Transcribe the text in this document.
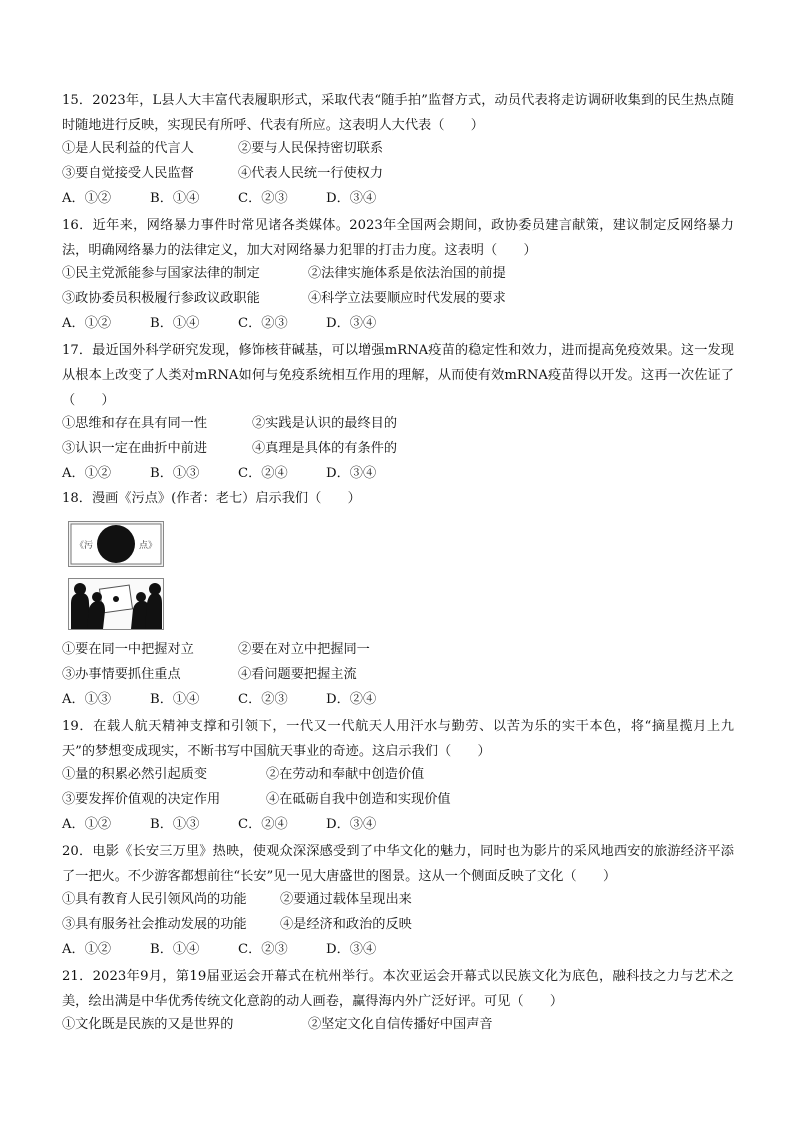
15．2023年，L县人大丰富代表履职形式，采取代表“随手拍”监督方式，动员代表将走访调研收集到的民生热点随时随地进行反映，实现民有所呼、代表有所应。这表明人大代表（　　）
①是人民利益的代言人	②要与人民保持密切联系
③要自觉接受人民监督	④代表人民统一行使权力
A．①②	B．①④	C．②③	D．③④
16．近年来，网络暴力事件时常见诸各类媒体。2023年全国两会期间，政协委员建言献策，建议制定反网络暴力法，明确网络暴力的法律定义，加大对网络暴力犯罪的打击力度。这表明（　　）
①民主党派能参与国家法律的制定	②法律实施体系是依法治国的前提
③政协委员积极履行参政议政职能	④科学立法要顺应时代发展的要求
A．①②	B．①④	C．②③	D．③④
17．最近国外科学研究发现，修饰核苷碱基，可以增强mRNA疫苗的稳定性和效力，进而提高免疫效果。这一发现从根本上改变了人类对mRNA如何与免疫系统相互作用的理解，从而使有效mRNA疫苗得以开发。这再一次佐证了（　　）
①思维和存在具有同一性	②实践是认识的最终目的
③认识一定在曲折中前进	④真理是具体的有条件的
A．①②	B．①③	C．②④	D．③④
18．漫画《污点》(作者：老七）启示我们（　　）
《污	点》
①要在同一中把握对立	②要在对立中把握同一
③办事情要抓住重点	④看问题要把握主流
A．①③	B．①④	C．②③	D．②④
19．在载人航天精神支撑和引领下，一代又一代航天人用汗水与勤劳、以苦为乐的实干本色，将“摘星揽月上九天”的梦想变成现实，不断书写中国航天事业的奇迹。这启示我们（　　）
①量的积累必然引起质变	②在劳动和奉献中创造价值
③要发挥价值观的决定作用	④在砥砺自我中创造和实现价值
A．①②	B．①③	C．②④	D．③④
20．电影《长安三万里》热映，使观众深深感受到了中华文化的魅力，同时也为影片的采风地西安的旅游经济平添了一把火。不少游客都想前往“长安”见一见大唐盛世的图景。这从一个侧面反映了文化（　　）
①具有教育人民引领风尚的功能	②要通过载体呈现出来
③具有服务社会推动发展的功能	④是经济和政治的反映
A．①②	B．①④	C．②③	D．③④
21．2023年9月，第19届亚运会开幕式在杭州举行。本次亚运会开幕式以民族文化为底色，融科技之力与艺术之美，绘出满是中华优秀传统文化意韵的动人画卷，赢得海内外广泛好评。可见（　　）
①文化既是民族的又是世界的	②坚定文化自信传播好中国声音
